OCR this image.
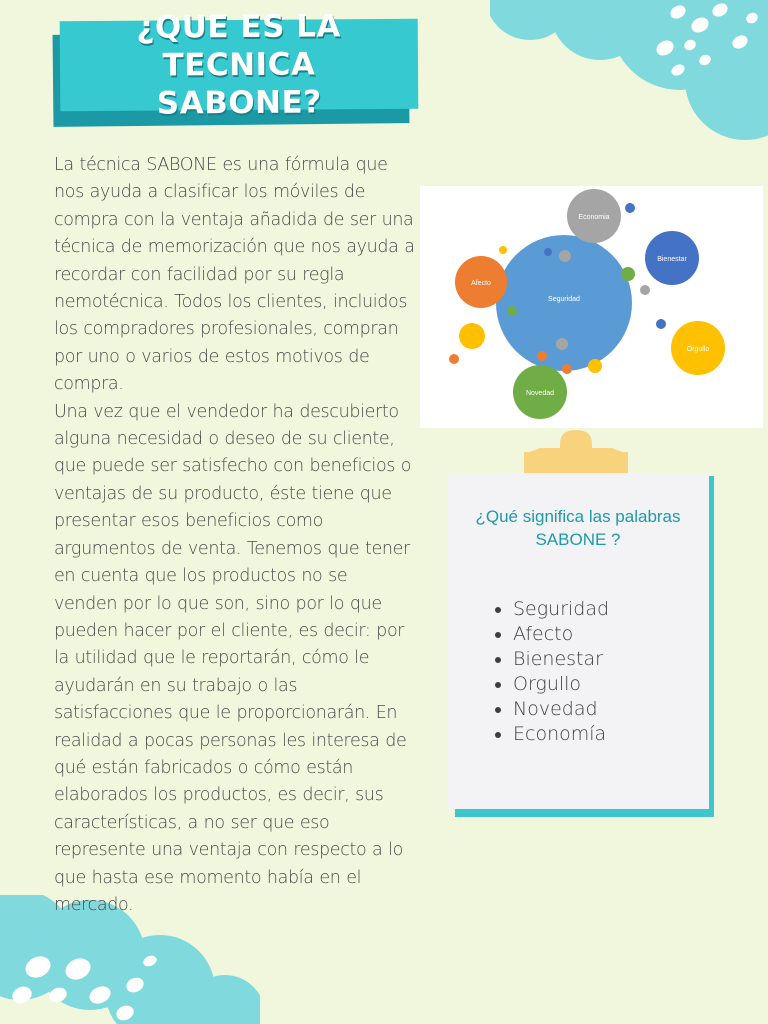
¿QUE ES LA TECNICA
SABONE?

La técnica SABONE es una fórmula que nos ayuda a clasificar los móviles de compra con la ventaja añadida de ser una técnica de memorización que nos ayuda a recordar con facilidad por su regla nemotécnica. Todos los clientes, incluidos los compradores profesionales, compran por uno o varios de estos motivos de compra.

Una vez que el vendedor ha descubierto alguna necesidad o deseo de su cliente, que puede ser satisfecho con beneficios o ventajas de su producto, éste tiene que presentar esos beneficios como argumentos de venta. Tenemos que tener en cuenta que los productos no se venden por lo que son, sino por lo que pueden hacer por el cliente, es decir: por la utilidad que le reportarán, cómo le ayudarán en su trabajo o las satisfacciones que le proporcionarán. En realidad a pocas personas les interesa de qué están fabricados o cómo están elaborados los productos, es decir, sus características, a no ser que eso represente una ventaja con respecto a lo que hasta ese momento había en el mercado.

Seguridad
Economia
Bienestar
Afecto
Orgullo
Novedad
¿Qué significa las palabras
SABONE ?
• Seguridad
• Afecto
• Bienestar
• Orgullo
• Novedad
• Economía
